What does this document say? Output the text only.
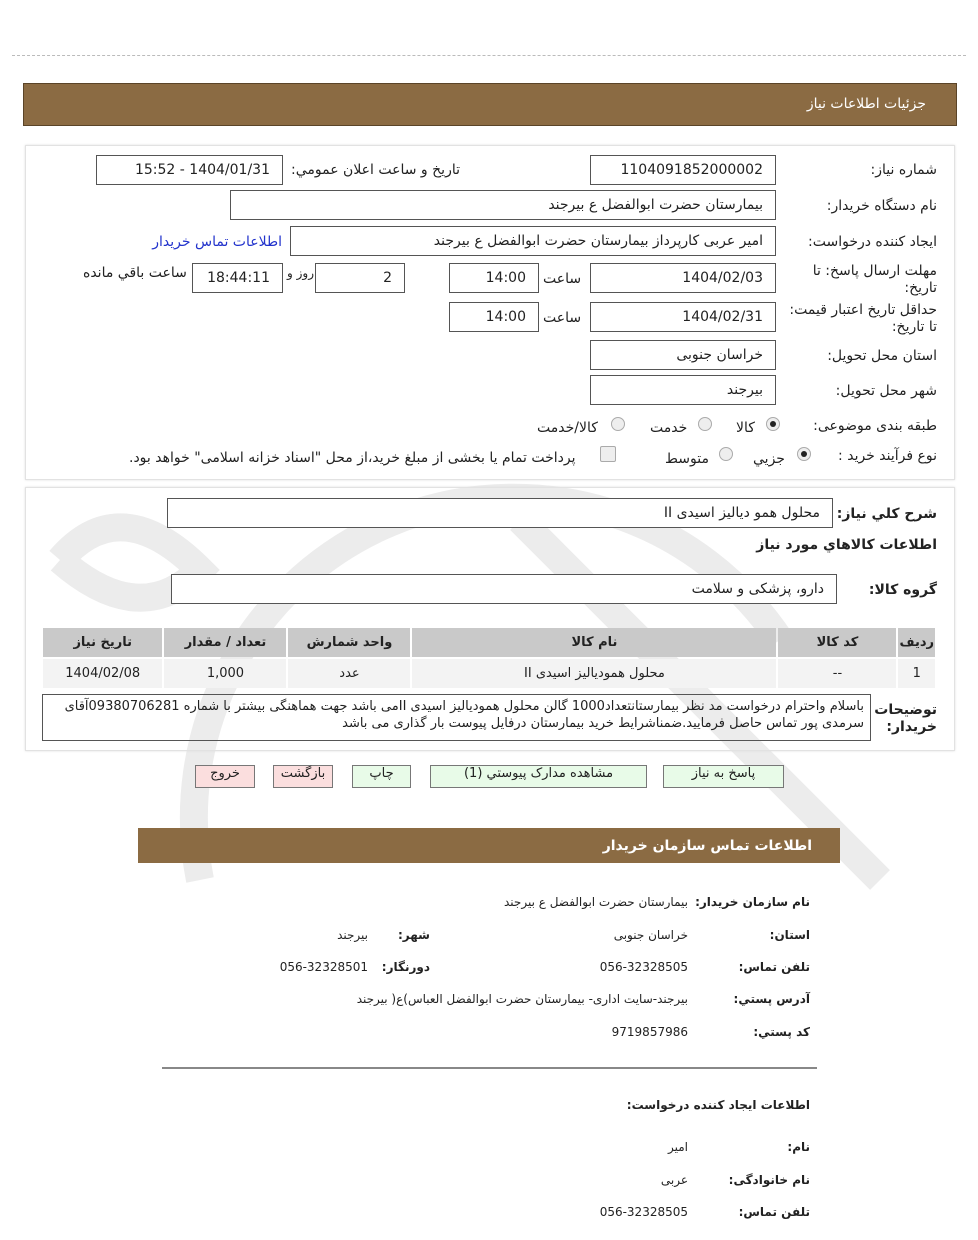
جزئیات اطلاعات نیاز
شماره نیاز:
1104091852000002
تاریخ و ساعت اعلان عمومي:
1404/01/31 - 15:52
نام دستگاه خريدار:
بیمارستان حضرت ابوالفضل ع بیرجند
ايجاد کننده درخواست:
امیر عربی کارپرداز بیمارستان حضرت ابوالفضل ع بیرجند
اطلاعات تماس خريدار
مهلت ارسال پاسخ: تا تاریخ:
1404/02/03
ساعت
14:00
2
روز و
18:44:11
ساعت باقي مانده
حداقل تاريخ اعتبار قيمت: تا تاريخ:
1404/02/31
ساعت
14:00
استان محل تحويل:
خراسان جنوبی
شهر محل تحويل:
بیرجند
طبقه بندی موضوعی:
کالا
خدمت
کالا/خدمت
نوع فرآيند خريد :
جزيي
متوسط
پرداخت تمام يا بخشی از مبلغ خريد،از محل "اسناد خزانه اسلامی" خواهد بود.
شرح كلي نياز:
محلول همو دیالیز اسیدی II
اطلاعات كالاهاي مورد نياز
گروه كالا:
دارو، پزشکی و سلامت
رديف	کد کالا	نام کالا	واحد شمارش	تعداد / مقدار	تاریخ نیاز
1	--	محلول همودیالیز اسیدی II	عدد	1,000	1404/02/08
توضیحات خریدار:
باسلام واحترام درخواست مد نظر بیمارستانتعداد1000 گالن محلول همودیالیز اسیدی IIمی باشد جهت هماهنگی بیشتر با شماره 09380706281آقای سرمدی پور تماس حاصل فرمایید.ضمناشرایط خرید بیمارستان درفایل پیوست بار گذاری می باشد
پاسخ به نیاز
مشاهده مدارک پیوستي (1)
چاپ
بازگشت
خروج
اطلاعات تماس سازمان خریدار
نام سازمان خریدار:
بیمارستان حضرت ابوالفضل ع بیرجند
استان:
خراسان جنوبی
شهر:
بیرجند
تلفن تماس:
056-32328505
دورنگار:
056-32328501
آدرس پستي:
بیرجند-سایت اداری- بیمارستان حضرت ابوالفضل العباس)ع( بیرجند
کد پستي:
9719857986
اطلاعات ایجاد کننده درخواست:
نام:
امیر
نام خانوادگی:
عربی
تلفن تماس:
056-32328505
